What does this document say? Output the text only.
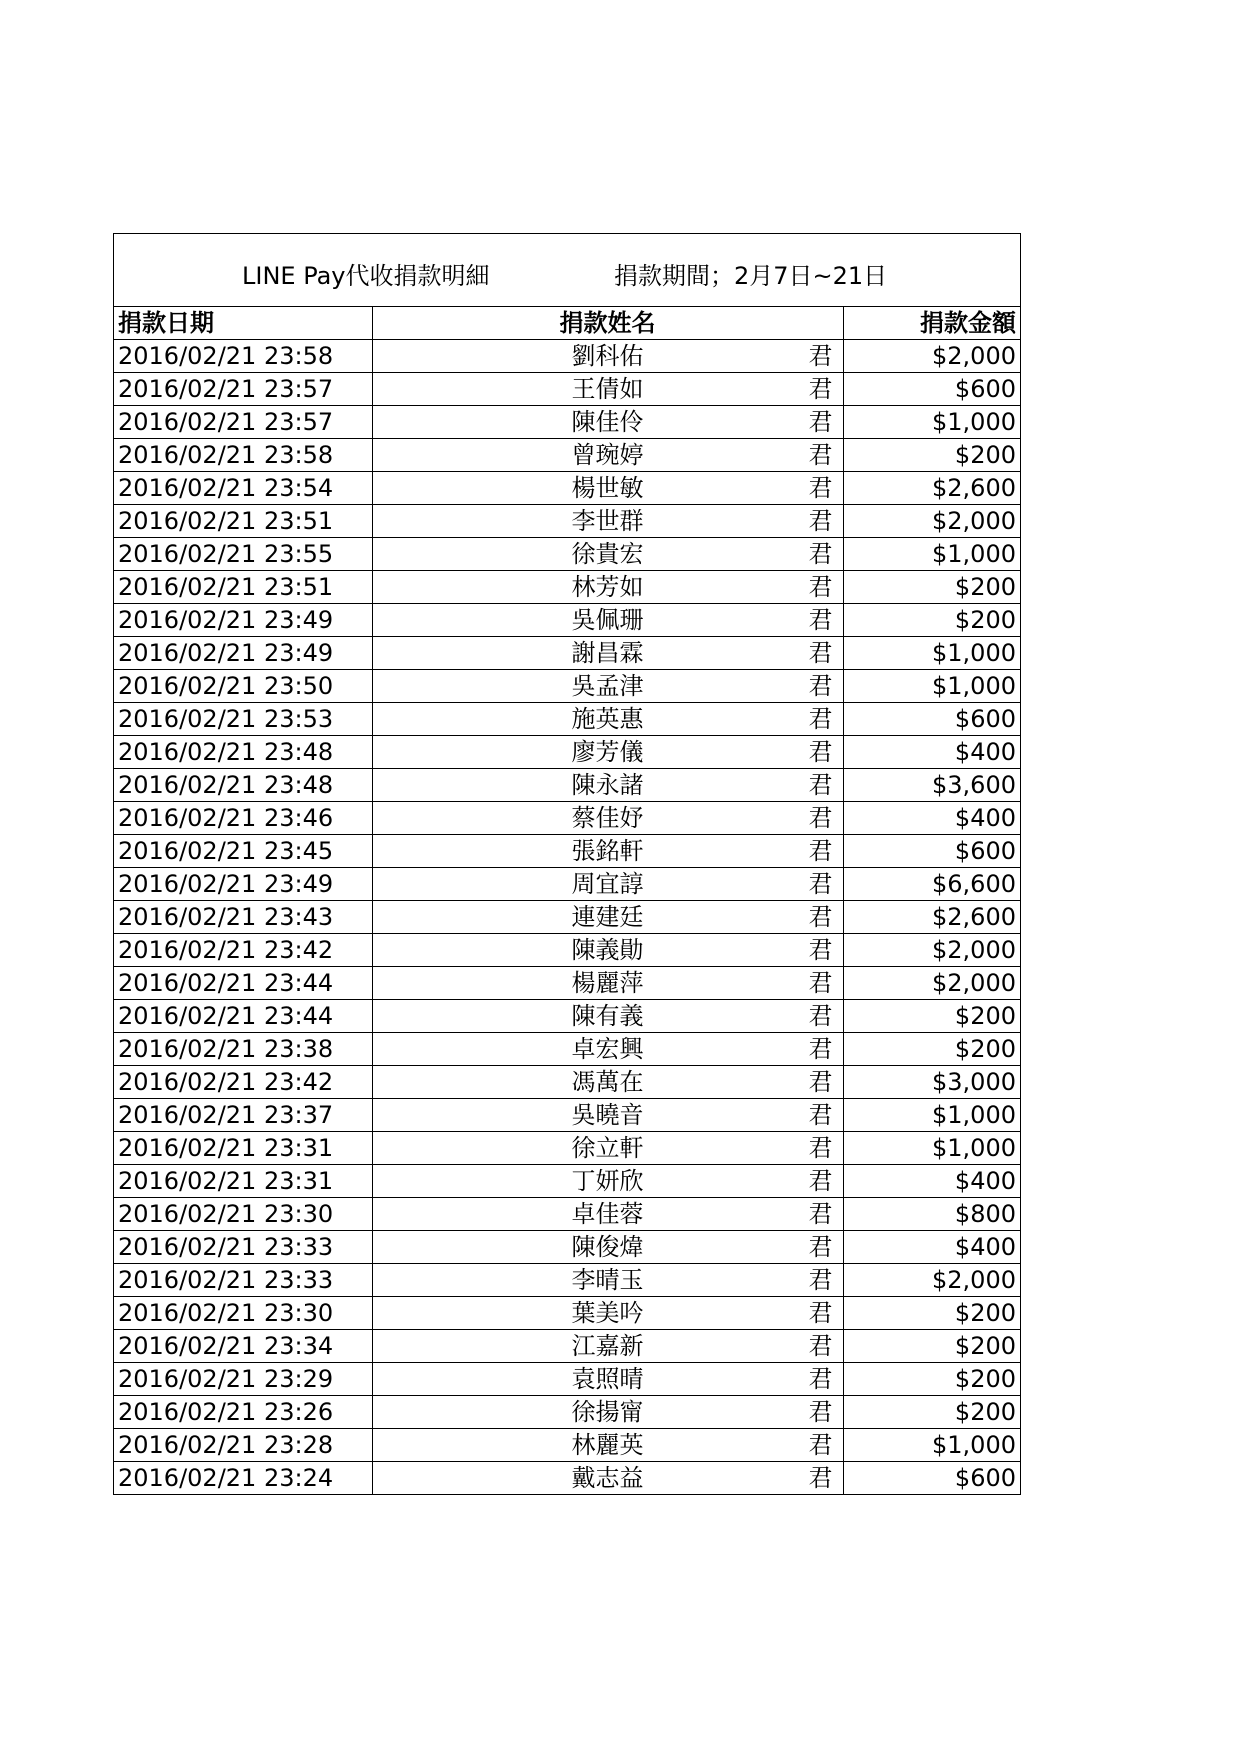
LINE Pay代收捐款明細	捐款期間；2月7日~21日
捐款日期	捐款姓名	捐款金額
2016/02/21 23:58	劉科佑 君	$2,000
2016/02/21 23:57	王倩如 君	$600
2016/02/21 23:57	陳佳伶 君	$1,000
2016/02/21 23:58	曾琬婷 君	$200
2016/02/21 23:54	楊世敏 君	$2,600
2016/02/21 23:51	李世群 君	$2,000
2016/02/21 23:55	徐貴宏 君	$1,000
2016/02/21 23:51	林芳如 君	$200
2016/02/21 23:49	吳佩珊 君	$200
2016/02/21 23:49	謝昌霖 君	$1,000
2016/02/21 23:50	吳孟津 君	$1,000
2016/02/21 23:53	施英惠 君	$600
2016/02/21 23:48	廖芳儀 君	$400
2016/02/21 23:48	陳永諸 君	$3,600
2016/02/21 23:46	蔡佳妤 君	$400
2016/02/21 23:45	張銘軒 君	$600
2016/02/21 23:49	周宜諄 君	$6,600
2016/02/21 23:43	連建廷 君	$2,600
2016/02/21 23:42	陳義勛 君	$2,000
2016/02/21 23:44	楊麗萍 君	$2,000
2016/02/21 23:44	陳有義 君	$200
2016/02/21 23:38	卓宏興 君	$200
2016/02/21 23:42	馮萬在 君	$3,000
2016/02/21 23:37	吳曉音 君	$1,000
2016/02/21 23:31	徐立軒 君	$1,000
2016/02/21 23:31	丁妍欣 君	$400
2016/02/21 23:30	卓佳蓉 君	$800
2016/02/21 23:33	陳俊煒 君	$400
2016/02/21 23:33	李晴玉 君	$2,000
2016/02/21 23:30	葉美吟 君	$200
2016/02/21 23:34	江嘉新 君	$200
2016/02/21 23:29	袁照晴 君	$200
2016/02/21 23:26	徐揚甯 君	$200
2016/02/21 23:28	林麗英 君	$1,000
2016/02/21 23:24	戴志益 君	$600
